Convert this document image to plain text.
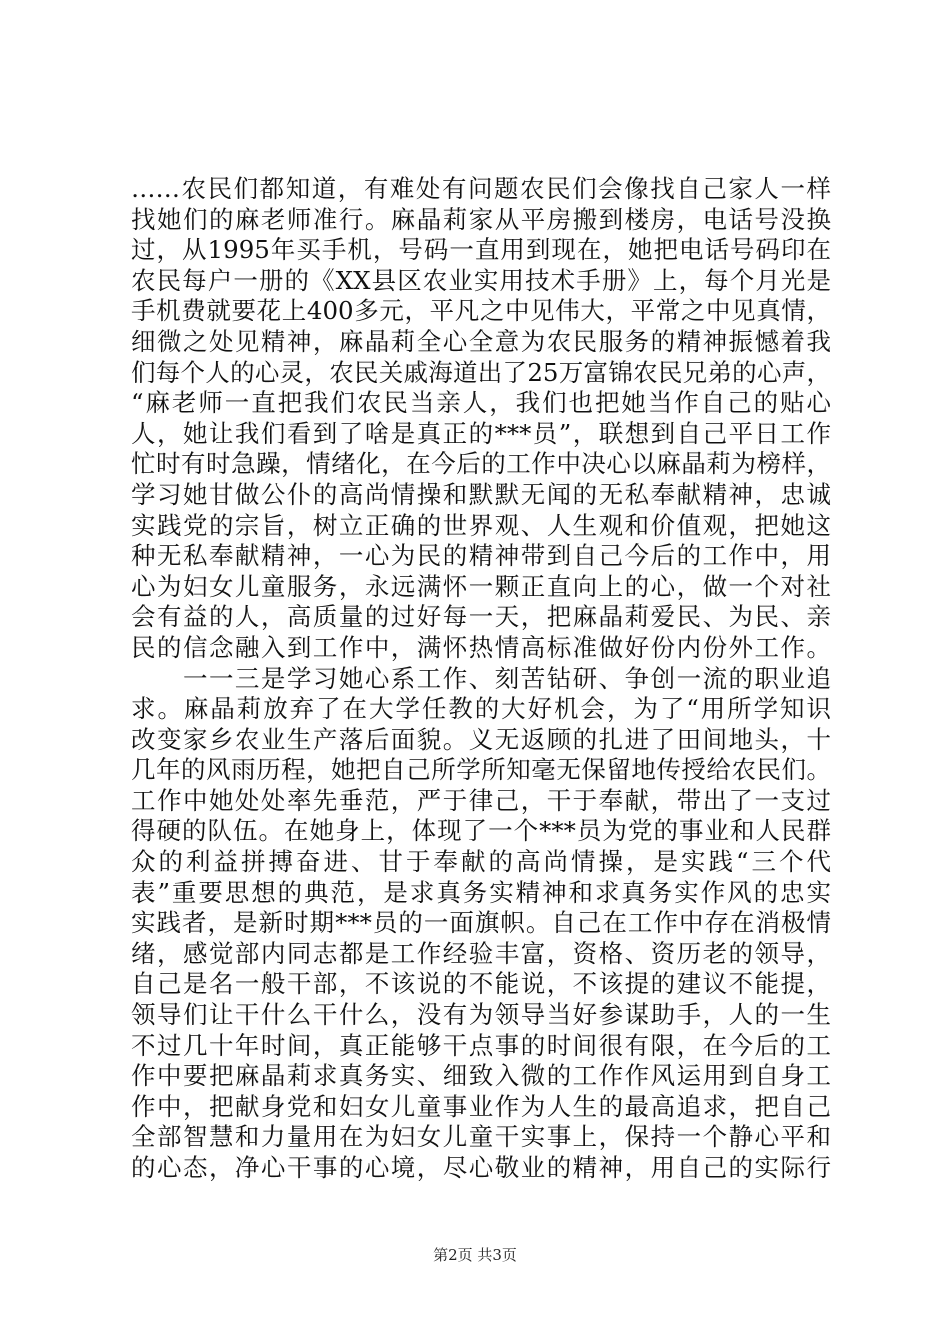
……农民们都知道，有难处有问题农民们会像找自己家人一样
找她们的麻老师准行。麻晶莉家从平房搬到楼房，电话号没换
过，从1995年买手机，号码一直用到现在，她把电话号码印在
农民每户一册的《XX县区农业实用技术手册》上，每个月光是
手机费就要花上400多元，平凡之中见伟大，平常之中见真情，
细微之处见精神，麻晶莉全心全意为农民服务的精神振憾着我
们每个人的心灵，农民关戚海道出了25万富锦农民兄弟的心声，
“麻老师一直把我们农民当亲人，我们也把她当作自己的贴心
人，她让我们看到了啥是真正的***员”，联想到自己平日工作
忙时有时急躁，情绪化，在今后的工作中决心以麻晶莉为榜样，
学习她甘做公仆的高尚情操和默默无闻的无私奉献精神，忠诚
实践党的宗旨，树立正确的世界观、人生观和价值观，把她这
种无私奉献精神，一心为民的精神带到自己今后的工作中，用
心为妇女儿童服务，永远满怀一颗正直向上的心，做一个对社
会有益的人，高质量的过好每一天，把麻晶莉爱民、为民、亲
民的信念融入到工作中，满怀热情高标准做好份内份外工作。
　　一一三是学习她心系工作、刻苦钻研、争创一流的职业追
求。麻晶莉放弃了在大学任教的大好机会，为了“用所学知识
改变家乡农业生产落后面貌。义无返顾的扎进了田间地头，十
几年的风雨历程，她把自己所学所知毫无保留地传授给农民们。
工作中她处处率先垂范，严于律己，干于奉献，带出了一支过
得硬的队伍。在她身上，体现了一个***员为党的事业和人民群
众的利益拼搏奋进、甘于奉献的高尚情操，是实践“三个代
表”重要思想的典范，是求真务实精神和求真务实作风的忠实
实践者，是新时期***员的一面旗帜。自己在工作中存在消极情
绪，感觉部内同志都是工作经验丰富，资格、资历老的领导，
自己是名一般干部，不该说的不能说，不该提的建议不能提，
领导们让干什么干什么，没有为领导当好参谋助手，人的一生
不过几十年时间，真正能够干点事的时间很有限，在今后的工
作中要把麻晶莉求真务实、细致入微的工作作风运用到自身工
作中，把献身党和妇女儿童事业作为人生的最高追求，把自己
全部智慧和力量用在为妇女儿童干实事上，保持一个静心平和
的心态，净心干事的心境，尽心敬业的精神，用自己的实际行
第2页 共3页
